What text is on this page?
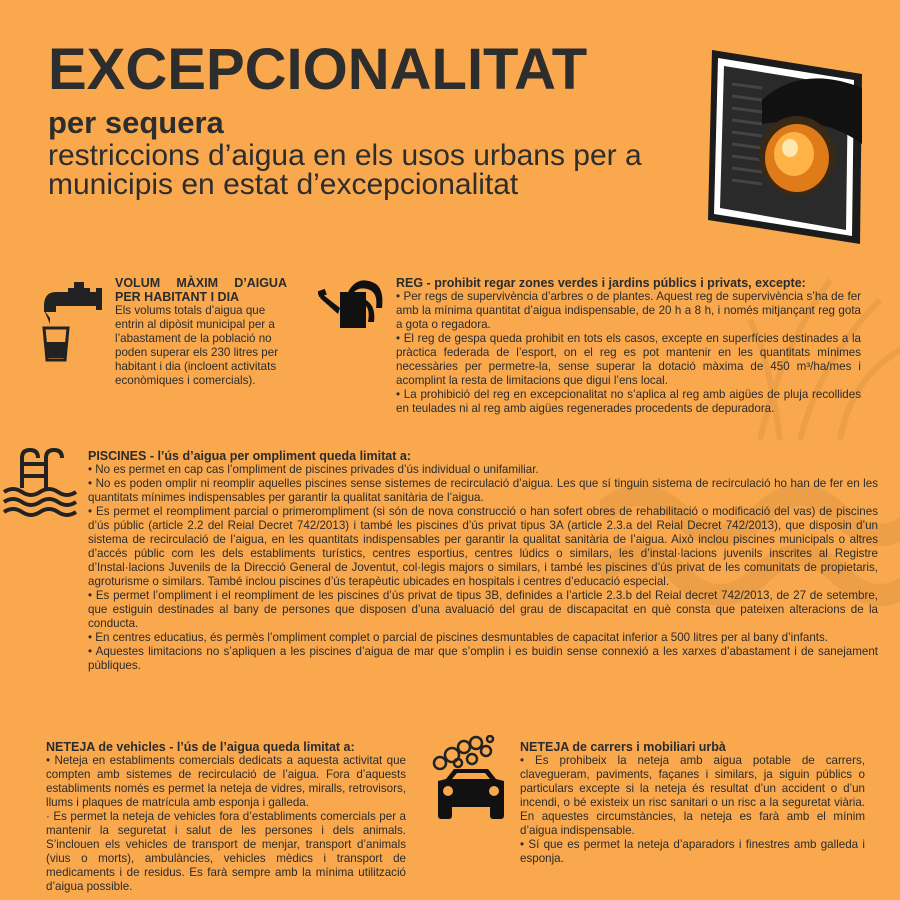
EXCEPCIONALITAT
per sequera
restriccions d’aigua en els usos urbans per a municipis en estat d’excepcionalitat
VOLUM MÀXIM D’AIGUA PER HABITANT I DIA
Els volums totals d’aigua que entrin al dipòsit municipal per a l’abastament de la població no poden superar els 230 litres per habitant i dia (incloent activitats econòmiques i comercials).
REG - prohibit regar zones verdes i jardins públics i privats, excepte:

• Per regs de supervivència d’arbres o de plantes. Aquest reg de supervivència s’ha de fer amb la mínima quantitat d’aigua indispensable, de 20 h a 8 h, i només mitjançant reg gota a gota o regadora.

• El reg de gespa queda prohibit en tots els casos, excepte en superfícies destinades a la pràctica federada de l’esport, on el reg es pot mantenir en les quantitats mínimes necessàries per permetre-la, sense superar la dotació màxima de 450 m³/ha/mes i acomplint la resta de limitacions que digui l’ens local.

• La prohibició del reg en excepcionalitat no s’aplica al reg amb aigües de pluja recollides en teulades ni al reg amb aigües regenerades procedents de depuradora.

PISCINES - l’ús d’aigua per ompliment queda limitat a:

• No es permet en cap cas l’ompliment de piscines privades d’ús individual o unifamiliar.

• No es poden omplir ni reomplir aquelles piscines sense sistemes de recirculació d’aigua. Les que sí tinguin sistema de recirculació ho han de fer en les quantitats mínimes indispensables per garantir la qualitat sanitària de l’aigua.

• Es permet el reompliment parcial o primerompliment (si són de nova construcció o han sofert obres de rehabilitació o modificació del vas) de piscines d’ús públic (article 2.2 del Reial Decret 742/2013) i també les piscines d’ús privat tipus 3A (article 2.3.a del Reial Decret 742/2013), que disposin d’un sistema de recirculació de l’aigua, en les quantitats indispensables per garantir la qualitat sanitària de l’aigua. Això inclou piscines municipals o altres d’accés públic com les dels establiments turístics, centres esportius, centres lúdics o similars, les d’instal·lacions juvenils inscrites al Registre d’Instal·lacions Juvenils de la Direcció General de Joventut, col·legis majors o similars, i també les piscines d’ús privat de les comunitats de propietaris, agroturisme o similars. També inclou piscines d’ús terapèutic ubicades en hospitals i centres d’educació especial.

• Es permet l’ompliment i el reompliment de les piscines d’ús privat de tipus 3B, definides a l’article 2.3.b del Reial decret 742/2013, de 27 de setembre, que estiguin destinades al bany de persones que disposen d’una avaluació del grau de discapacitat en què consta que pateixen alteracions de la conducta.

• En centres educatius, és permès l’ompliment complet o parcial de piscines desmuntables de capacitat inferior a 500 litres per al bany d’infants.

• Aquestes limitacions no s’apliquen a les piscines d’aigua de mar que s’omplin i es buidin sense connexió a les xarxes d’abastament i de sanejament públiques.

NETEJA de vehicles - l’ús de l’aigua queda limitat a:

• Neteja en establiments comercials dedicats a aquesta activitat que compten amb sistemes de recirculació de l’aigua. Fora d’aquests establiments només es permet la neteja de vidres, miralls, retrovisors, llums i plaques de matrícula amb esponja i galleda.

· Es permet la neteja de vehicles fora d’establiments comercials per a mantenir la seguretat i salut de les persones i dels animals. S’inclouen els vehicles de transport de menjar, transport d’animals (vius o morts), ambulàncies, vehicles mèdics i transport de medicaments i de residus. Es farà sempre amb la mínima utilització d’aigua possible.

NETEJA de carrers i mobiliari urbà

• Es prohibeix la neteja amb aigua potable de carrers, clavegueram, paviments, façanes i similars, ja siguin públics o particulars excepte si la neteja és resultat d’un accident o d’un incendi, o bé existeix un risc sanitari o un risc a la seguretat viària. En aquestes circumstàncies, la neteja es farà amb el mínim d’aigua indispensable.

• Sí que es permet la neteja d’aparadors i finestres amb galleda i esponja.
